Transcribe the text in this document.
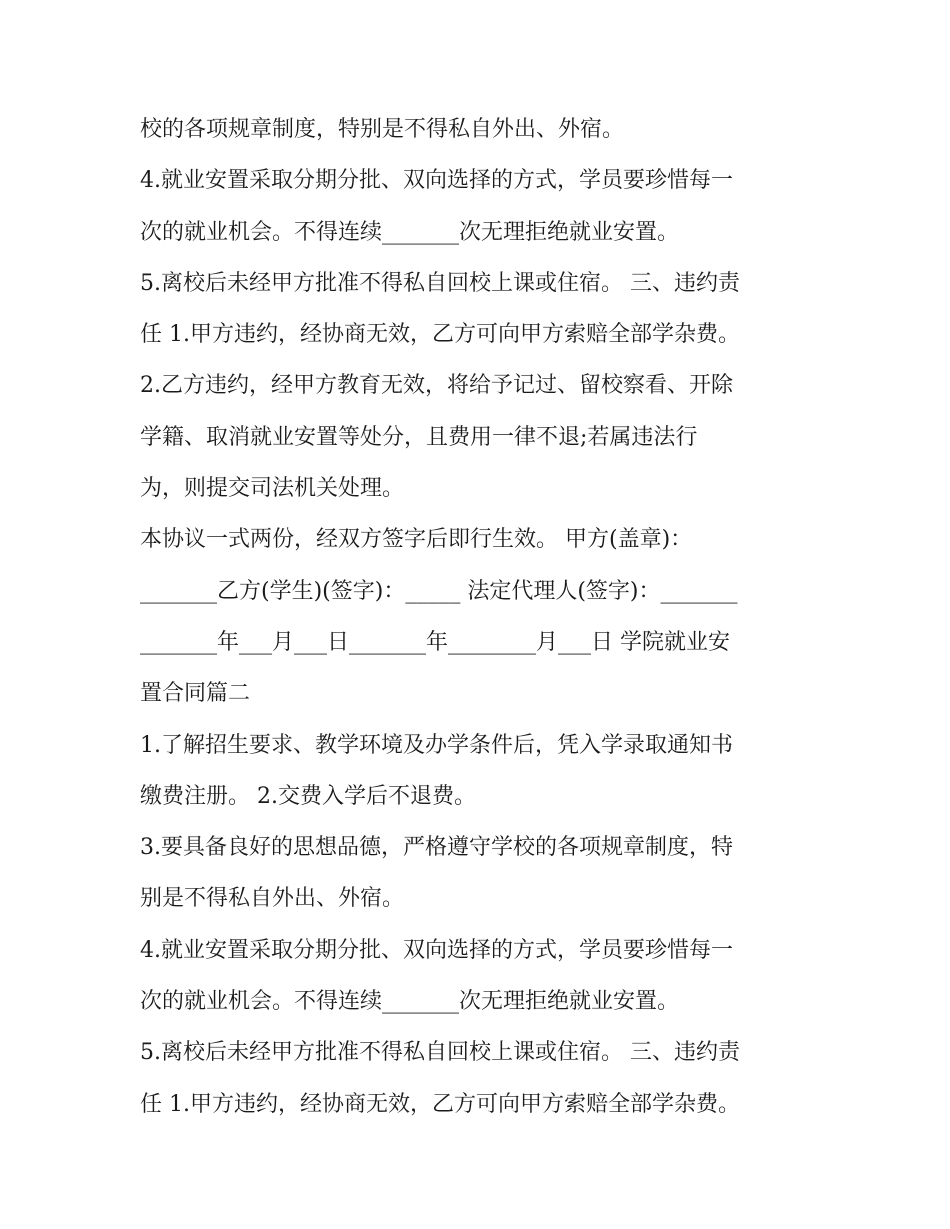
校的各项规章制度，特别是不得私自外出、外宿。
4.就业安置采取分期分批、双向选择的方式，学员要珍惜每一
次的就业机会。不得连续_______次无理拒绝就业安置。
5.离校后未经甲方批准不得私自回校上课或住宿。 三、违约责
任 1.甲方违约，经协商无效，乙方可向甲方索赔全部学杂费。
2.乙方违约，经甲方教育无效，将给予记过、留校察看、开除
学籍、取消就业安置等处分，且费用一律不退;若属违法行
为，则提交司法机关处理。
本协议一式两份，经双方签字后即行生效。 甲方(盖章)：
_______乙方(学生)(签字)：_____ 法定代理人(签字)：_______
_______年___月___日_______年________月___日 学院就业安
置合同篇二
1.了解招生要求、教学环境及办学条件后，凭入学录取通知书
缴费注册。 2.交费入学后不退费。
3.要具备良好的思想品德，严格遵守学校的各项规章制度，特
别是不得私自外出、外宿。
4.就业安置采取分期分批、双向选择的方式，学员要珍惜每一
次的就业机会。不得连续_______次无理拒绝就业安置。
5.离校后未经甲方批准不得私自回校上课或住宿。 三、违约责
任 1.甲方违约，经协商无效，乙方可向甲方索赔全部学杂费。
